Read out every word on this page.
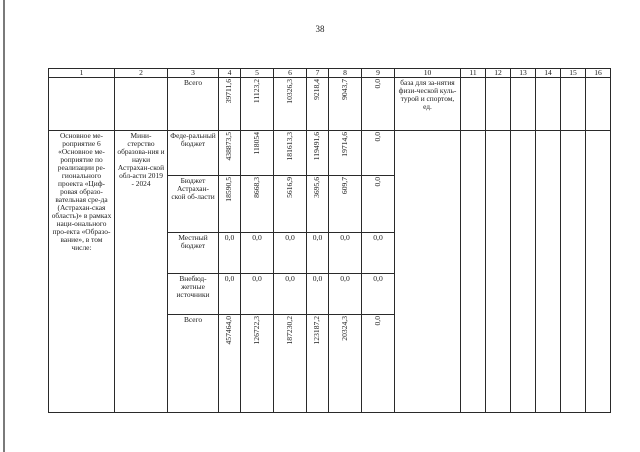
38
1	2	3	4	5	6	7	8	9	10	11	12	13	14	15	16
		Всего	39711,6	11123,2	10326,3	9218,4	9043,7	0,0	база для за-нятия физи-ческой куль-турой и спортом, ед.						
Основное ме-роприятие 6 «Основное ме-роприятие по реализации ре-гионального проекта «Циф-ровая образо-вательная сре-да (Астрахан-ская область)» в рамках наци-онального про-екта «Образо-вание», в том числе:	Мини-стерство образова-ния и науки Астрахан-ской обл-асти 2019 - 2024	Феде-ральный бюджет	438873,5	118054	181613,3	119491,6	19714,6	0,0							
		Бюджет Астрахан-ской об-ласти	18590,5	8668,3	5616,9	3695,6	609,7	0,0							
		Местный бюджет	0,0	0,0	0,0	0,0	0,0	0,0							
		Внебюд-жетные источники	0,0	0,0	0,0	0,0	0,0	0,0							
		Всего	457464,0	126722,3	187230,2	123187,2	20324,3	0,0							
